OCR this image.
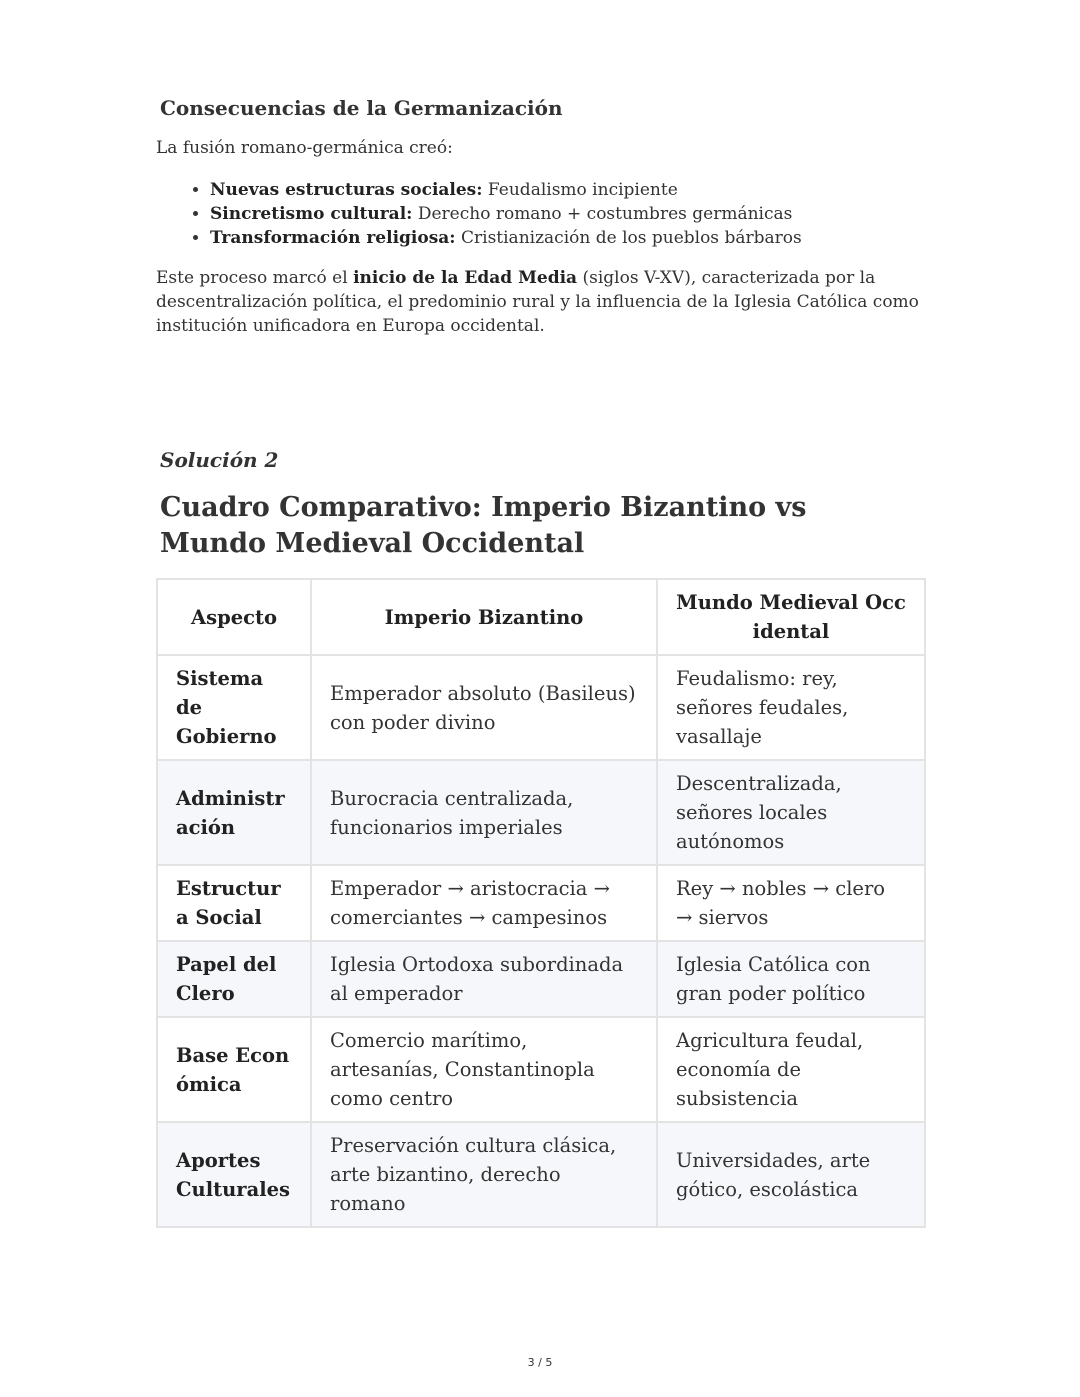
Consecuencias de la Germanización
La fusión romano-germánica creó:
• Nuevas estructuras sociales: Feudalismo incipiente
• Sincretismo cultural: Derecho romano + costumbres germánicas
• Transformación religiosa: Cristianización de los pueblos bárbaros

Este proceso marcó el inicio de la Edad Media (siglos V-XV), caracterizada por la descentralización política, el predominio rural y la influencia de la Iglesia Católica como institución unificadora en Europa occidental.

Solución 2
Cuadro Comparativo: Imperio Bizantino vs Mundo Medieval Occidental
Aspecto	Imperio Bizantino	Mundo Medieval Occidental
Sistema de Gobierno	Emperador absoluto (Basileus) con poder divino	Feudalismo: rey, señores feudales, vasallaje
Administración	Burocracia centralizada, funcionarios imperiales	Descentralizada, señores locales autónomos
Estructura Social	Emperador → aristocracia → comerciantes → campesinos	Rey → nobles → clero → siervos
Papel del Clero	Iglesia Ortodoxa subordinada al emperador	Iglesia Católica con gran poder político
Base Económica	Comercio marítimo, artesanías, Constantinopla como centro	Agricultura feudal, economía de subsistencia
Aportes Culturales	Preservación cultura clásica, arte bizantino, derecho romano	Universidades, arte gótico, escolástica
3 / 5
